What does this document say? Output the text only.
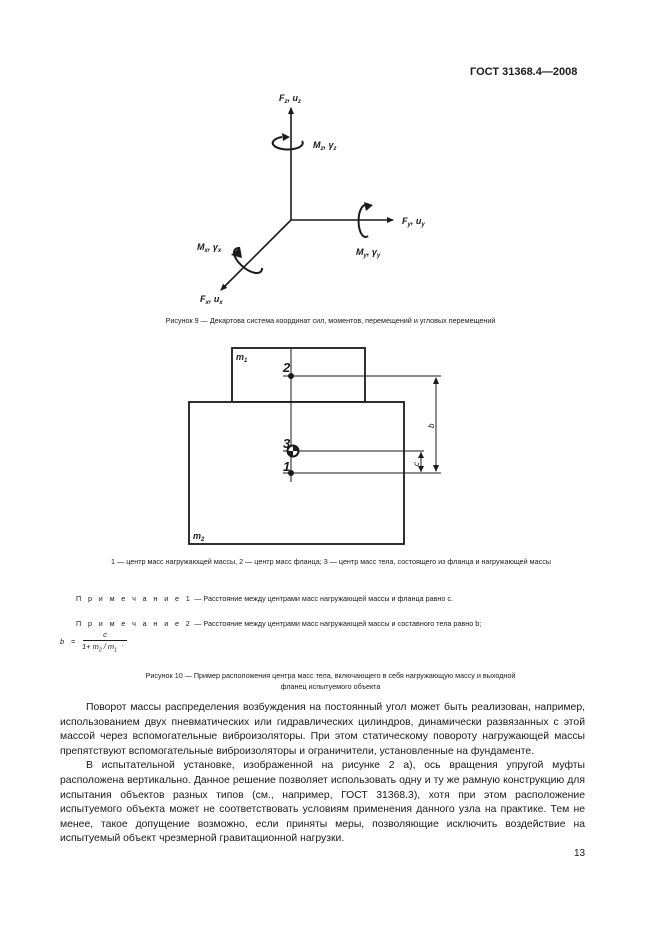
ГОСТ 31368.4—2008
$F_z$, $u_z$
$M_z$, $\gamma_z$
$F_y$, $u_y$
$M_y$, $\gamma_y$
$M_x$, $\gamma_x$
$F_x$, $u_x$
Рисунок 9 — Декартова система координат сил, моментов, перемещений и угловых перемещений
$m_1$
$m_2$
2
3
1
b
c
1 — центр масс нагружающей массы, 2 — центр масс фланца; 3 — центр масс тела, состоящего из фланца и нагружающей массы
П р и м е ч а н и е 1 — Расстояние между центрами масс нагружающей массы и фланца равно c.
П р и м е ч а н и е 2 — Расстояние между центрами масс нагружающей массы и составного тела равно b;
b =
c
$1+ m_2 / m_1$
.
Рисунок 10 — Пример расположения центра масс тела, включающего в себя нагружающую массу и выходной
фланец испытуемого объекта

Поворот массы распределения возбуждения на постоянный угол может быть реализован, например, использованием двух пневматических или гидравлических цилиндров, динамически развязанных с этой массой через вспомогательные виброизоляторы. При этом статическому повороту нагружающей массы препятствуют вспомогательные виброизоляторы и ограничители, установленные на фундаменте.

В испытательной установке, изображенной на рисунке 2 а), ось вращения упругой муфты расположена вертикально. Данное решение позволяет использовать одну и ту же рамную конструкцию для испытания объектов разных типов (см., например, ГОСТ 31368.3), хотя при этом расположение испытуемого объекта может не соответствовать условиям применения данного узла на практике. Тем не менее, такое допущение возможно, если приняты меры, позволяющие исключить воздействие на испытуемый объект чрезмерной гравитационной нагрузки.

13
